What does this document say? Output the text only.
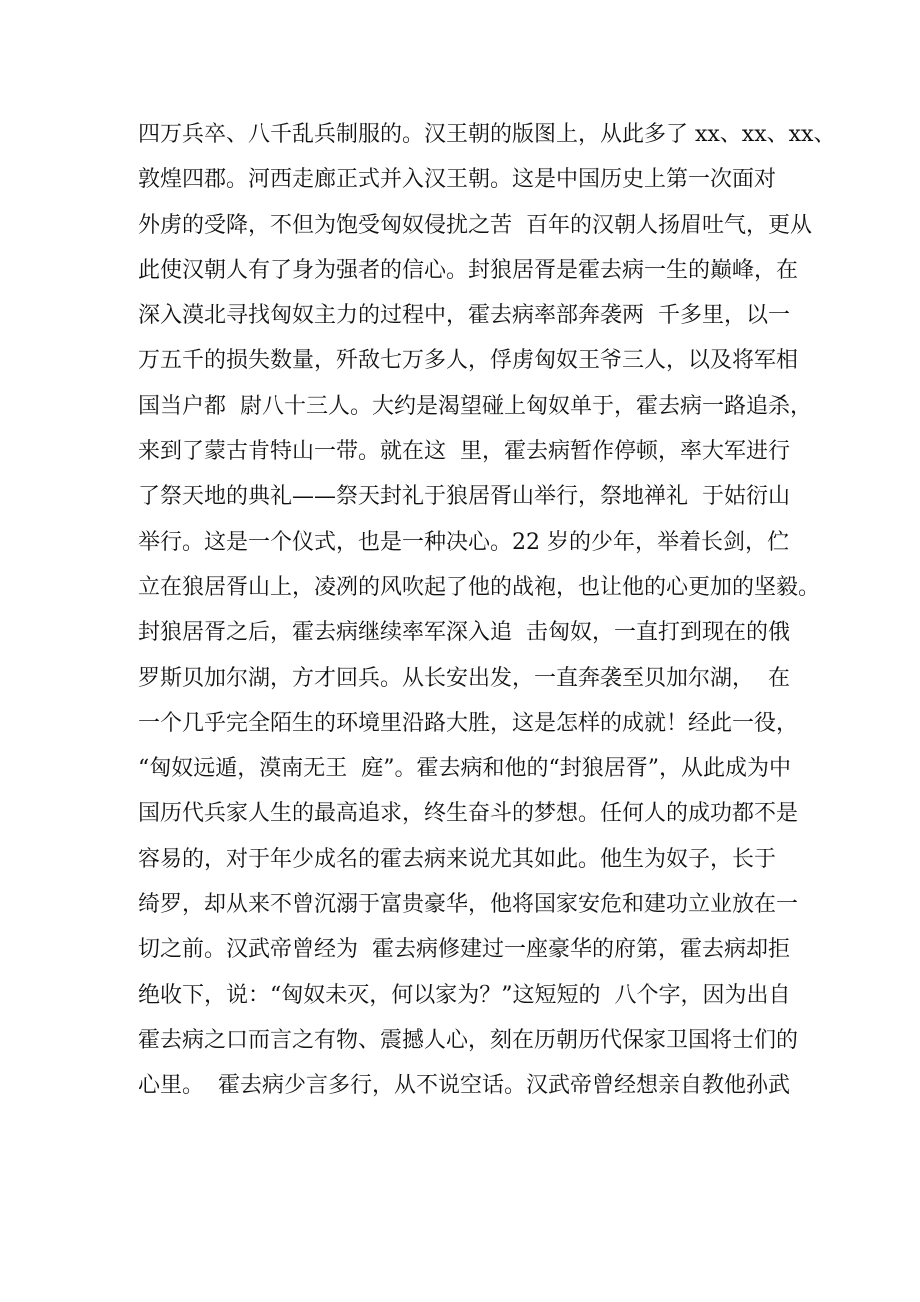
四万兵卒、八千乱兵制服的。汉王朝的版图上，从此多了 xx、xx、xx、
敦煌四郡。河西走廊正式并入汉王朝。这是中国历史上第一次面对
外虏的受降，不但为饱受匈奴侵扰之苦  百年的汉朝人扬眉吐气，更从
此使汉朝人有了身为强者的信心。封狼居胥是霍去病一生的巅峰，在
深入漠北寻找匈奴主力的过程中，霍去病率部奔袭两  千多里，以一
万五千的损失数量，歼敌七万多人，俘虏匈奴王爷三人，以及将军相
国当户都  尉八十三人。大约是渴望碰上匈奴单于，霍去病一路追杀，
来到了蒙古肯特山一带。就在这  里，霍去病暂作停顿，率大军进行
了祭天地的典礼——祭天封礼于狼居胥山举行，祭地禅礼  于姑衍山
举行。这是一个仪式，也是一种决心。22 岁的少年，举着长剑，伫
立在狼居胥山上，凌冽的风吹起了他的战袍，也让他的心更加的坚毅。
封狼居胥之后，霍去病继续率军深入追  击匈奴，一直打到现在的俄
罗斯贝加尔湖，方才回兵。从长安出发，一直奔袭至贝加尔湖，  在
一个几乎完全陌生的环境里沿路大胜，这是怎样的成就！经此一役，
“匈奴远遁，漠南无王  庭”。霍去病和他的“封狼居胥”，从此成为中
国历代兵家人生的最高追求，终生奋斗的梦想。任何人的成功都不是
容易的，对于年少成名的霍去病来说尤其如此。他生为奴子，长于
绮罗，却从来不曾沉溺于富贵豪华，他将国家安危和建功立业放在一
切之前。汉武帝曾经为  霍去病修建过一座豪华的府第，霍去病却拒
绝收下，说：“匈奴未灭，何以家为？”这短短的  八个字，因为出自
霍去病之口而言之有物、震撼人心，刻在历朝历代保家卫国将士们的
心里。  霍去病少言多行，从不说空话。汉武帝曾经想亲自教他孙武
